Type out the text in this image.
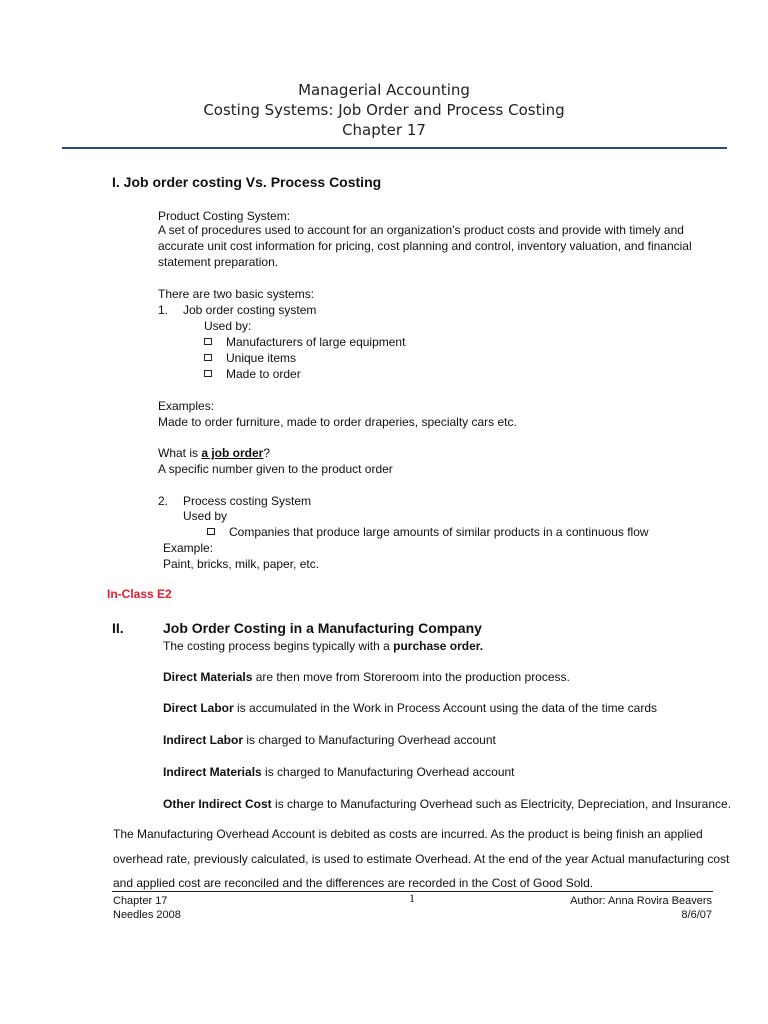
Managerial Accounting
Costing Systems: Job Order and Process Costing
Chapter 17
I. Job order costing Vs. Process Costing
Product Costing System:
A set of procedures used to account for an organization's product costs and provide with timely and accurate unit cost information for pricing, cost planning and control, inventory valuation, and financial statement preparation.
There are two basic systems:
1. Job order costing system
Used by:
Manufacturers of large equipment
Unique items
Made to order
Examples:
Made to order furniture, made to order draperies, specialty cars etc.
What is a job order?
A specific number given to the product order
2. Process costing System
Used by
Companies that produce large amounts of similar products in a continuous flow
Example:
Paint, bricks, milk, paper, etc.
In-Class E2
II.	Job Order Costing in a Manufacturing Company
The costing process begins typically with a purchase order.
Direct Materials are then move from Storeroom into the production process.
Direct Labor is accumulated in the Work in Process Account using the data of the time cards
Indirect Labor is charged to Manufacturing Overhead account
Indirect Materials is charged to Manufacturing Overhead account
Other Indirect Cost is charge to Manufacturing Overhead such as Electricity, Depreciation, and Insurance.
The Manufacturing Overhead Account is debited as costs are incurred. As the product is being finish an applied
overhead rate, previously calculated, is used to estimate Overhead. At the end of the year Actual manufacturing cost
and applied cost are reconciled and the differences are recorded in the Cost of Good Sold.
Chapter 17
Needles 2008
1	Author: Anna Rovira Beavers
8/6/07
